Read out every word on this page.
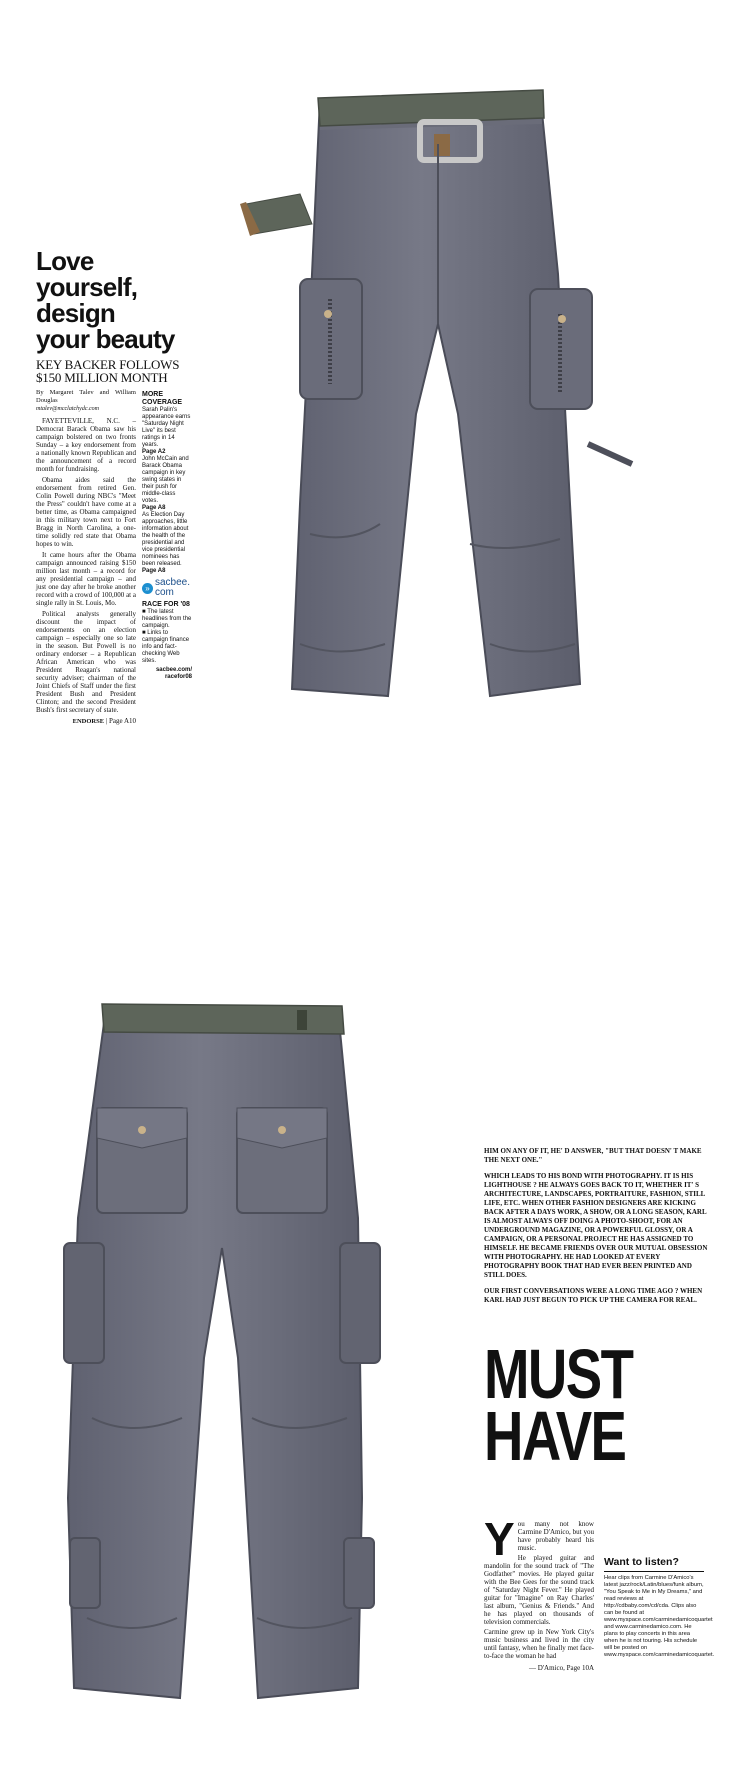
Love

yourself,

design

your beauty

KEY BACKER FOLLOWS $150 MILLION MONTH
By Margaret Talev and William Douglas
mtalev@mcclatchydc.com

FAYETTEVILLE, N.C. – Democrat Barack Obama saw his campaign bolstered on two fronts Sunday – a key endorsement from a nationally known Republican and the announcement of a record month for fundraising.

Obama aides said the endorsement from retired Gen. Colin Powell during NBC's "Meet the Press" couldn't have come at a better time, as Obama campaigned in this military town next to Fort Bragg in North Carolina, a one-time solidly red state that Obama hopes to win.

It came hours after the Obama campaign announced raising $150 million last month – a record for any presidential campaign – and just one day after he broke another record with a crowd of 100,000 at a single rally in St. Louis, Mo.

Political analysts generally discount the impact of endorsements on an election campaign – especially one so late in the season. But Powell is no ordinary endorser – a Republican African American who was President Reagan's national security adviser; chairman of the Joint Chiefs of Staff under the first President Bush and President Clinton; and the second President Bush's first secretary of state.

ENDORSE | Page A10
MORE COVERAGE
Sarah Palin's appearance earns "Saturday Night Live" its best ratings in 14 years.
Page A2
John McCain and Barack Obama campaign in key swing states in their push for middle-class votes.
Page A8
As Election Day approaches, little information about the health of the presidential and vice presidential nominees has been released.
Page A8
» sacbee.
com
RACE FOR '08
■ The latest headlines from the campaign.
■ Links to campaign finance info and fact-checking Web sites.
sacbee.com/
racefor08

HIM ON ANY OF IT, HE' D ANSWER, "BUT THAT DOESN' T MAKE THE NEXT ONE."

WHICH LEADS TO HIS BOND WITH PHOTOGRAPHY. IT IS HIS LIGHTHOUSE ? HE ALWAYS GOES BACK TO IT, WHETHER IT' S ARCHITECTURE, LANDSCAPES, PORTRAITURE, FASHION, STILL LIFE, ETC. WHEN OTHER FASHION DESIGNERS ARE KICKING BACK AFTER A DAYS WORK, A SHOW, OR A LONG SEASON, KARL IS ALMOST ALWAYS OFF DOING A PHOTO-SHOOT, FOR AN UNDERGROUND MAGAZINE, OR A POWERFUL GLOSSY, OR A CAMPAIGN, OR A PERSONAL PROJECT HE HAS ASSIGNED TO HIMSELF. HE BECAME FRIENDS OVER OUR MUTUAL OBSESSION WITH PHOTOGRAPHY. HE HAD LOOKED AT EVERY PHOTOGRAPHY BOOK THAT HAD EVER BEEN PRINTED AND STILL DOES.

OUR FIRST CONVERSATIONS WERE A LONG TIME AGO ? WHEN KARL HAD JUST BEGUN TO PICK UP THE CAMERA FOR REAL.

MUST

HAVE

Y ou many not know Carmine D'Amico, but you have probably heard his music.

He played guitar and mandolin for the sound track of "The Godfather" movies. He played guitar with the Bee Gees for the sound track of "Saturday Night Fever." He played guitar for "Imagine" on Ray Charles' last album, "Genius & Friends." And he has played on thousands of television commercials.

Carmine grew up in New York City's music business and lived in the city until fantasy, when he finally met face-to-face the woman he had

— D'Amico, Page 10A
Want to listen?
Hear clips from Carmine D'Amico's latest jazz/rock/Latin/blues/funk album, "You Speak to Me in My Dreams," and read reviews at http://cdbaby.com/cd/cda. Clips also can be found at www.myspace.com/carminedamicoquartet and www.carminedamico.com. He plans to play concerts in this area when he is not touring. His schedule will be posted on www.myspace.com/carminedamicoquartet.
